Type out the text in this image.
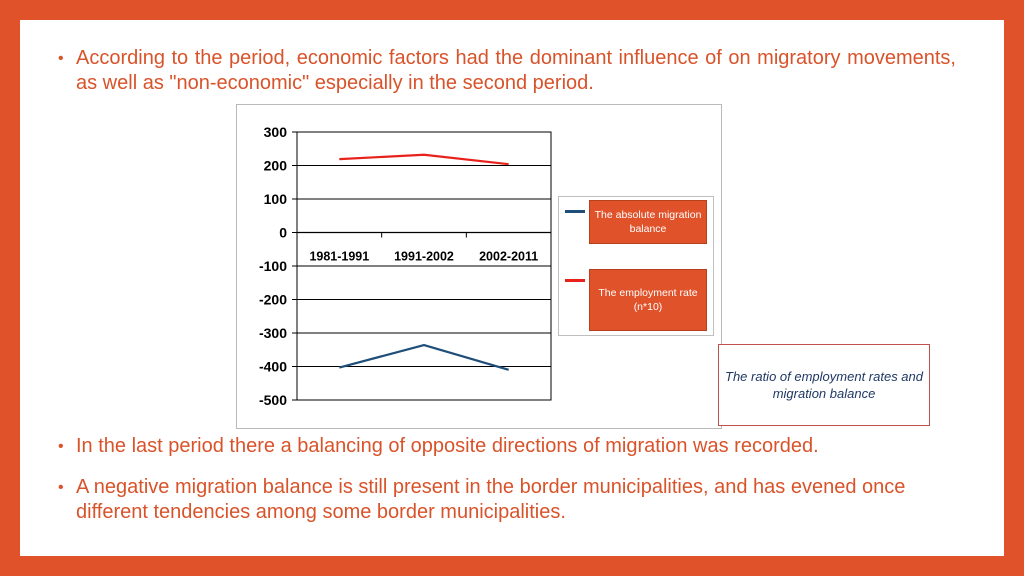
• According to the period, economic factors had the dominant influence of on migratory movements, as well as "non-economic" especially in the second period.
300
200
100
0
-100
-200
-300
-400
-500
1981-1991 1991-2002 2002-2011
The absolute migration balance
The employment rate (n*10)
The ratio of employment rates and migration balance
• In the last period there a balancing of opposite directions of migration was recorded.
• A negative migration balance is still present in the border municipalities, and has evened once different tendencies among some border municipalities.
